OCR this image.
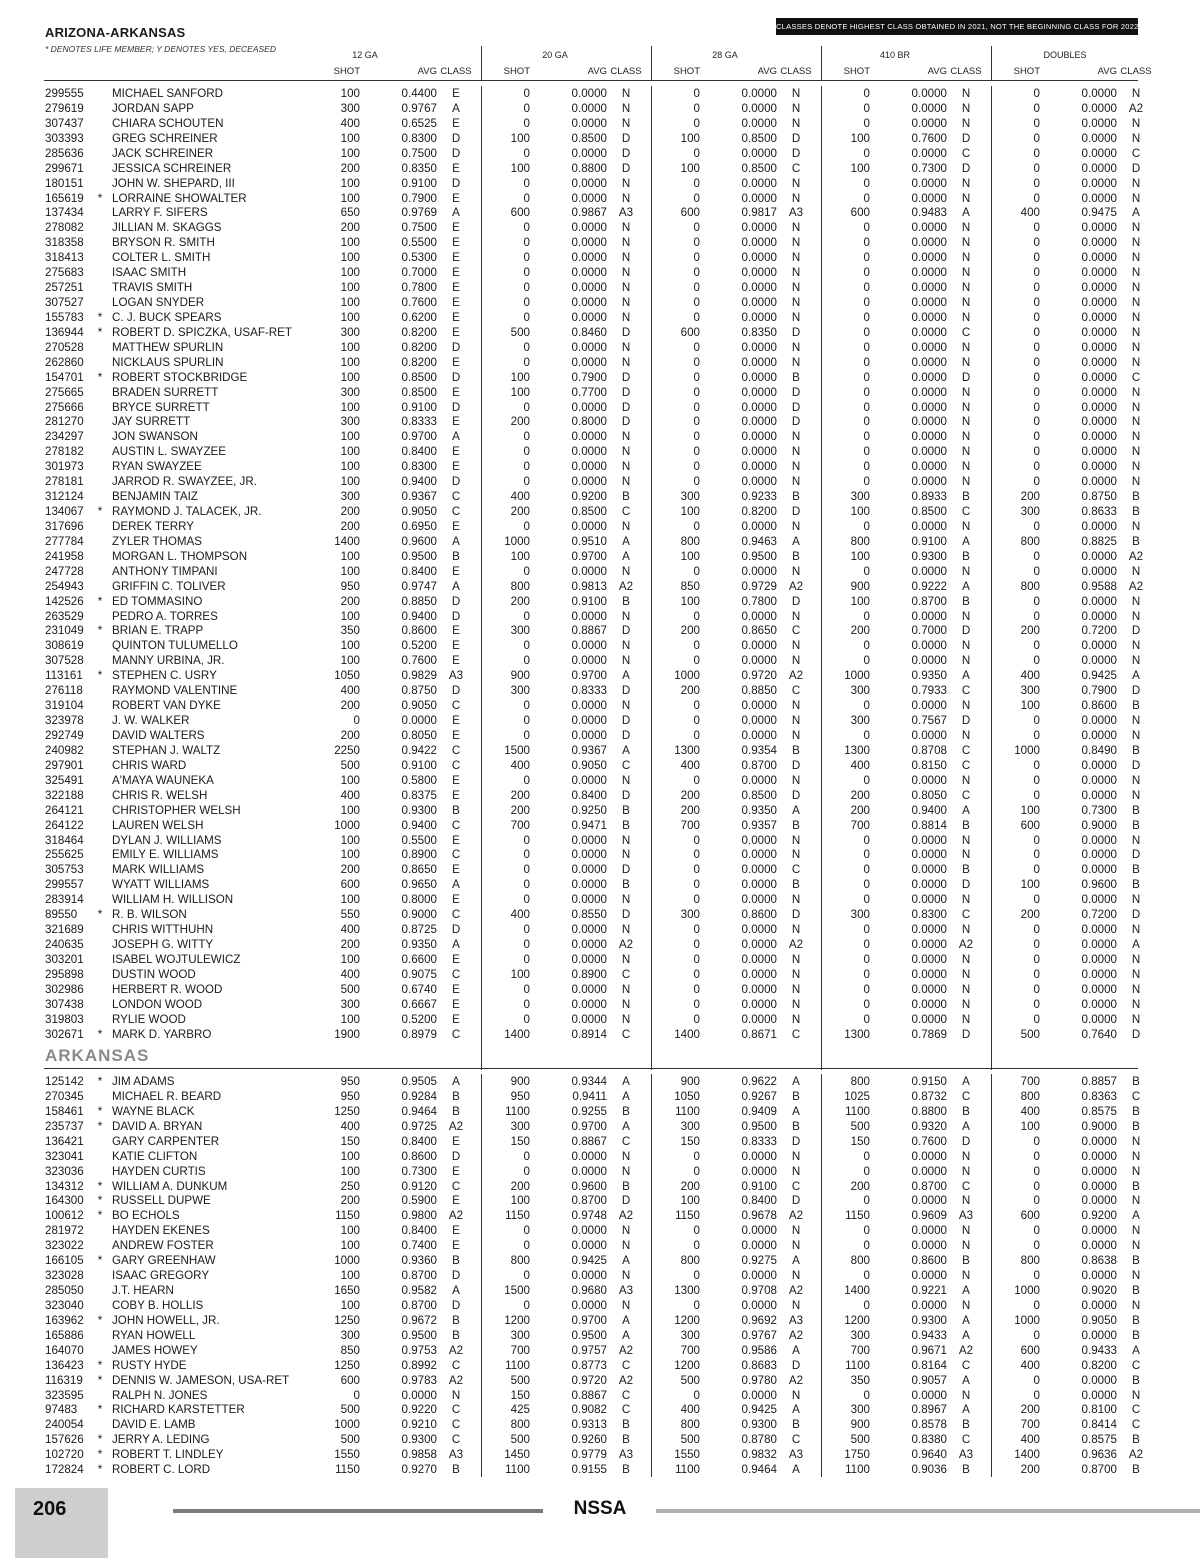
ARIZONA-ARKANSAS
* DENOTES LIFE MEMBER; Y DENOTES YES, DECEASED
CLASSES DENOTE HIGHEST CLASS OBTAINED IN 2021, NOT THE BEGINNING CLASS FOR 2022.
12 GA
SHOT	AVG CLASS
20 GA
SHOT	AVG CLASS
28 GA
SHOT	AVG CLASS
410 BR
SHOT	AVG CLASS
DOUBLES
SHOT	AVG CLASS
299555	MICHAEL SANFORD	100	0.4400	E	0	0.0000	N	0	0.0000	N	0	0.0000	N	0	0.0000	N
279619	JORDAN SAPP	300	0.9767	A	0	0.0000	N	0	0.0000	N	0	0.0000	N	0	0.0000	A2
307437	CHIARA SCHOUTEN	400	0.6525	E	0	0.0000	N	0	0.0000	N	0	0.0000	N	0	0.0000	N
303393	GREG SCHREINER	100	0.8300	D	100	0.8500	D	100	0.8500	D	100	0.7600	D	0	0.0000	N
285636	JACK SCHREINER	100	0.7500	D	0	0.0000	D	0	0.0000	D	0	0.0000	C	0	0.0000	C
299671	JESSICA SCHREINER	200	0.8350	E	100	0.8800	D	100	0.8500	C	100	0.7300	D	0	0.0000	D
180151	JOHN W. SHEPARD, III	100	0.9100	D	0	0.0000	N	0	0.0000	N	0	0.0000	N	0	0.0000	N
165619	* LORRAINE SHOWALTER	100	0.7900	E	0	0.0000	N	0	0.0000	N	0	0.0000	N	0	0.0000	N
137434	LARRY F. SIFERS	650	0.9769	A	600	0.9867	A3	600	0.9817	A3	600	0.9483	A	400	0.9475	A
278082	JILLIAN M. SKAGGS	200	0.7500	E	0	0.0000	N	0	0.0000	N	0	0.0000	N	0	0.0000	N
318358	BRYSON R. SMITH	100	0.5500	E	0	0.0000	N	0	0.0000	N	0	0.0000	N	0	0.0000	N
318413	COLTER L. SMITH	100	0.5300	E	0	0.0000	N	0	0.0000	N	0	0.0000	N	0	0.0000	N
275683	ISAAC SMITH	100	0.7000	E	0	0.0000	N	0	0.0000	N	0	0.0000	N	0	0.0000	N
257251	TRAVIS SMITH	100	0.7800	E	0	0.0000	N	0	0.0000	N	0	0.0000	N	0	0.0000	N
307527	LOGAN SNYDER	100	0.7600	E	0	0.0000	N	0	0.0000	N	0	0.0000	N	0	0.0000	N
155783	* C. J. BUCK SPEARS	100	0.6200	E	0	0.0000	N	0	0.0000	N	0	0.0000	N	0	0.0000	N
136944	* ROBERT D. SPICZKA, USAF-RET	300	0.8200	E	500	0.8460	D	600	0.8350	D	0	0.0000	C	0	0.0000	N
270528	MATTHEW SPURLIN	100	0.8200	D	0	0.0000	N	0	0.0000	N	0	0.0000	N	0	0.0000	N
262860	NICKLAUS SPURLIN	100	0.8200	E	0	0.0000	N	0	0.0000	N	0	0.0000	N	0	0.0000	N
154701	* ROBERT STOCKBRIDGE	100	0.8500	D	100	0.7900	D	0	0.0000	B	0	0.0000	D	0	0.0000	C
275665	BRADEN SURRETT	300	0.8500	E	100	0.7700	D	0	0.0000	D	0	0.0000	N	0	0.0000	N
275666	BRYCE SURRETT	100	0.9100	D	0	0.0000	D	0	0.0000	D	0	0.0000	N	0	0.0000	N
281270	JAY SURRETT	300	0.8333	E	200	0.8000	D	0	0.0000	D	0	0.0000	N	0	0.0000	N
234297	JON SWANSON	100	0.9700	A	0	0.0000	N	0	0.0000	N	0	0.0000	N	0	0.0000	N
278182	AUSTIN L. SWAYZEE	100	0.8400	E	0	0.0000	N	0	0.0000	N	0	0.0000	N	0	0.0000	N
301973	RYAN SWAYZEE	100	0.8300	E	0	0.0000	N	0	0.0000	N	0	0.0000	N	0	0.0000	N
278181	JARROD R. SWAYZEE, JR.	100	0.9400	D	0	0.0000	N	0	0.0000	N	0	0.0000	N	0	0.0000	N
312124	BENJAMIN TAIZ	300	0.9367	C	400	0.9200	B	300	0.9233	B	300	0.8933	B	200	0.8750	B
134067	* RAYMOND J. TALACEK, JR.	200	0.9050	C	200	0.8500	C	100	0.8200	D	100	0.8500	C	300	0.8633	B
317696	DEREK TERRY	200	0.6950	E	0	0.0000	N	0	0.0000	N	0	0.0000	N	0	0.0000	N
277784	ZYLER THOMAS	1400	0.9600	A	1000	0.9510	A	800	0.9463	A	800	0.9100	A	800	0.8825	B
241958	MORGAN L. THOMPSON	100	0.9500	B	100	0.9700	A	100	0.9500	B	100	0.9300	B	0	0.0000	A2
247728	ANTHONY TIMPANI	100	0.8400	E	0	0.0000	N	0	0.0000	N	0	0.0000	N	0	0.0000	N
254943	GRIFFIN C. TOLIVER	950	0.9747	A	800	0.9813	A2	850	0.9729	A2	900	0.9222	A	800	0.9588	A2
142526	* ED TOMMASINO	200	0.8850	D	200	0.9100	B	100	0.7800	D	100	0.8700	B	0	0.0000	N
263529	PEDRO A. TORRES	100	0.9400	D	0	0.0000	N	0	0.0000	N	0	0.0000	N	0	0.0000	N
231049	* BRIAN E. TRAPP	350	0.8600	E	300	0.8867	D	200	0.8650	C	200	0.7000	D	200	0.7200	D
308619	QUINTON TULUMELLO	100	0.5200	E	0	0.0000	N	0	0.0000	N	0	0.0000	N	0	0.0000	N
307528	MANNY URBINA, JR.	100	0.7600	E	0	0.0000	N	0	0.0000	N	0	0.0000	N	0	0.0000	N
113161	* STEPHEN C. USRY	1050	0.9829	A3	900	0.9700	A	1000	0.9720	A2	1000	0.9350	A	400	0.9425	A
276118	RAYMOND VALENTINE	400	0.8750	D	300	0.8333	D	200	0.8850	C	300	0.7933	C	300	0.7900	D
319104	ROBERT VAN DYKE	200	0.9050	C	0	0.0000	N	0	0.0000	N	0	0.0000	N	100	0.8600	B
323978	J. W. WALKER	0	0.0000	E	0	0.0000	D	0	0.0000	N	300	0.7567	D	0	0.0000	N
292749	DAVID WALTERS	200	0.8050	E	0	0.0000	D	0	0.0000	N	0	0.0000	N	0	0.0000	N
240982	STEPHAN J. WALTZ	2250	0.9422	C	1500	0.9367	A	1300	0.9354	B	1300	0.8708	C	1000	0.8490	B
297901	CHRIS WARD	500	0.9100	C	400	0.9050	C	400	0.8700	D	400	0.8150	C	0	0.0000	D
325491	A'MAYA WAUNEKA	100	0.5800	E	0	0.0000	N	0	0.0000	N	0	0.0000	N	0	0.0000	N
322188	CHRIS R. WELSH	400	0.8375	E	200	0.8400	D	200	0.8500	D	200	0.8050	C	0	0.0000	N
264121	CHRISTOPHER WELSH	100	0.9300	B	200	0.9250	B	200	0.9350	A	200	0.9400	A	100	0.7300	B
264122	LAUREN WELSH	1000	0.9400	C	700	0.9471	B	700	0.9357	B	700	0.8814	B	600	0.9000	B
318464	DYLAN J. WILLIAMS	100	0.5500	E	0	0.0000	N	0	0.0000	N	0	0.0000	N	0	0.0000	N
255625	EMILY E. WILLIAMS	100	0.8900	C	0	0.0000	N	0	0.0000	N	0	0.0000	N	0	0.0000	D
305753	MARK WILLIAMS	200	0.8650	E	0	0.0000	D	0	0.0000	C	0	0.0000	B	0	0.0000	B
299557	WYATT WILLIAMS	600	0.9650	A	0	0.0000	B	0	0.0000	B	0	0.0000	D	100	0.9600	B
283914	WILLIAM H. WILLISON	100	0.8000	E	0	0.0000	N	0	0.0000	N	0	0.0000	N	0	0.0000	N
89550	* R. B. WILSON	550	0.9000	C	400	0.8550	D	300	0.8600	D	300	0.8300	C	200	0.7200	D
321689	CHRIS WITTHUHN	400	0.8725	D	0	0.0000	N	0	0.0000	N	0	0.0000	N	0	0.0000	N
240635	JOSEPH G. WITTY	200	0.9350	A	0	0.0000	A2	0	0.0000	A2	0	0.0000	A2	0	0.0000	A
303201	ISABEL WOJTULEWICZ	100	0.6600	E	0	0.0000	N	0	0.0000	N	0	0.0000	N	0	0.0000	N
295898	DUSTIN WOOD	400	0.9075	C	100	0.8900	C	0	0.0000	N	0	0.0000	N	0	0.0000	N
302986	HERBERT R. WOOD	500	0.6740	E	0	0.0000	N	0	0.0000	N	0	0.0000	N	0	0.0000	N
307438	LONDON WOOD	300	0.6667	E	0	0.0000	N	0	0.0000	N	0	0.0000	N	0	0.0000	N
319803	RYLIE WOOD	100	0.5200	E	0	0.0000	N	0	0.0000	N	0	0.0000	N	0	0.0000	N
302671	* MARK D. YARBRO	1900	0.8979	C	1400	0.8914	C	1400	0.8671	C	1300	0.7869	D	500	0.7640	D
ARKANSAS
125142	* JIM ADAMS	950	0.9505	A	900	0.9344	A	900	0.9622	A	800	0.9150	A	700	0.8857	B
270345	MICHAEL R. BEARD	950	0.9284	B	950	0.9411	A	1050	0.9267	B	1025	0.8732	C	800	0.8363	C
158461	* WAYNE BLACK	1250	0.9464	B	1100	0.9255	B	1100	0.9409	A	1100	0.8800	B	400	0.8575	B
235737	* DAVID A. BRYAN	400	0.9725	A2	300	0.9700	A	300	0.9500	B	500	0.9320	A	100	0.9000	B
136421	GARY CARPENTER	150	0.8400	E	150	0.8867	C	150	0.8333	D	150	0.7600	D	0	0.0000	N
323041	KATIE CLIFTON	100	0.8600	D	0	0.0000	N	0	0.0000	N	0	0.0000	N	0	0.0000	N
323036	HAYDEN CURTIS	100	0.7300	E	0	0.0000	N	0	0.0000	N	0	0.0000	N	0	0.0000	N
134312	* WILLIAM A. DUNKUM	250	0.9120	C	200	0.9600	B	200	0.9100	C	200	0.8700	C	0	0.0000	B
164300	* RUSSELL DUPWE	200	0.5900	E	100	0.8700	D	100	0.8400	D	0	0.0000	N	0	0.0000	N
100612	* BO ECHOLS	1150	0.9800	A2	1150	0.9748	A2	1150	0.9678	A2	1150	0.9609	A3	600	0.9200	A
281972	HAYDEN EKENES	100	0.8400	E	0	0.0000	N	0	0.0000	N	0	0.0000	N	0	0.0000	N
323022	ANDREW FOSTER	100	0.7400	E	0	0.0000	N	0	0.0000	N	0	0.0000	N	0	0.0000	N
166105	* GARY GREENHAW	1000	0.9360	B	800	0.9425	A	800	0.9275	A	800	0.8600	B	800	0.8638	B
323028	ISAAC GREGORY	100	0.8700	D	0	0.0000	N	0	0.0000	N	0	0.0000	N	0	0.0000	N
285050	J.T. HEARN	1650	0.9582	A	1500	0.9680	A3	1300	0.9708	A2	1400	0.9221	A	1000	0.9020	B
323040	COBY B. HOLLIS	100	0.8700	D	0	0.0000	N	0	0.0000	N	0	0.0000	N	0	0.0000	N
163962	* JOHN HOWELL, JR.	1250	0.9672	B	1200	0.9700	A	1200	0.9692	A3	1200	0.9300	A	1000	0.9050	B
165886	RYAN HOWELL	300	0.9500	B	300	0.9500	A	300	0.9767	A2	300	0.9433	A	0	0.0000	B
164070	JAMES HOWEY	850	0.9753	A2	700	0.9757	A2	700	0.9586	A	700	0.9671	A2	600	0.9433	A
136423	* RUSTY HYDE	1250	0.8992	C	1100	0.8773	C	1200	0.8683	D	1100	0.8164	C	400	0.8200	C
116319	* DENNIS W. JAMESON, USA-RET	600	0.9783	A2	500	0.9720	A2	500	0.9780	A2	350	0.9057	A	0	0.0000	B
323595	RALPH N. JONES	0	0.0000	N	150	0.8867	C	0	0.0000	N	0	0.0000	N	0	0.0000	N
97483	* RICHARD KARSTETTER	500	0.9220	C	425	0.9082	C	400	0.9425	A	300	0.8967	A	200	0.8100	C
240054	DAVID E. LAMB	1000	0.9210	C	800	0.9313	B	800	0.9300	B	900	0.8578	B	700	0.8414	C
157626	* JERRY A. LEDING	500	0.9300	C	500	0.9260	B	500	0.8780	C	500	0.8380	C	400	0.8575	B
102720	* ROBERT T. LINDLEY	1550	0.9858	A3	1450	0.9779	A3	1550	0.9832	A3	1750	0.9640	A3	1400	0.9636	A2
172824	* ROBERT C. LORD	1150	0.9270	B	1100	0.9155	B	1100	0.9464	A	1100	0.9036	B	200	0.8700	B
206	NSSA
